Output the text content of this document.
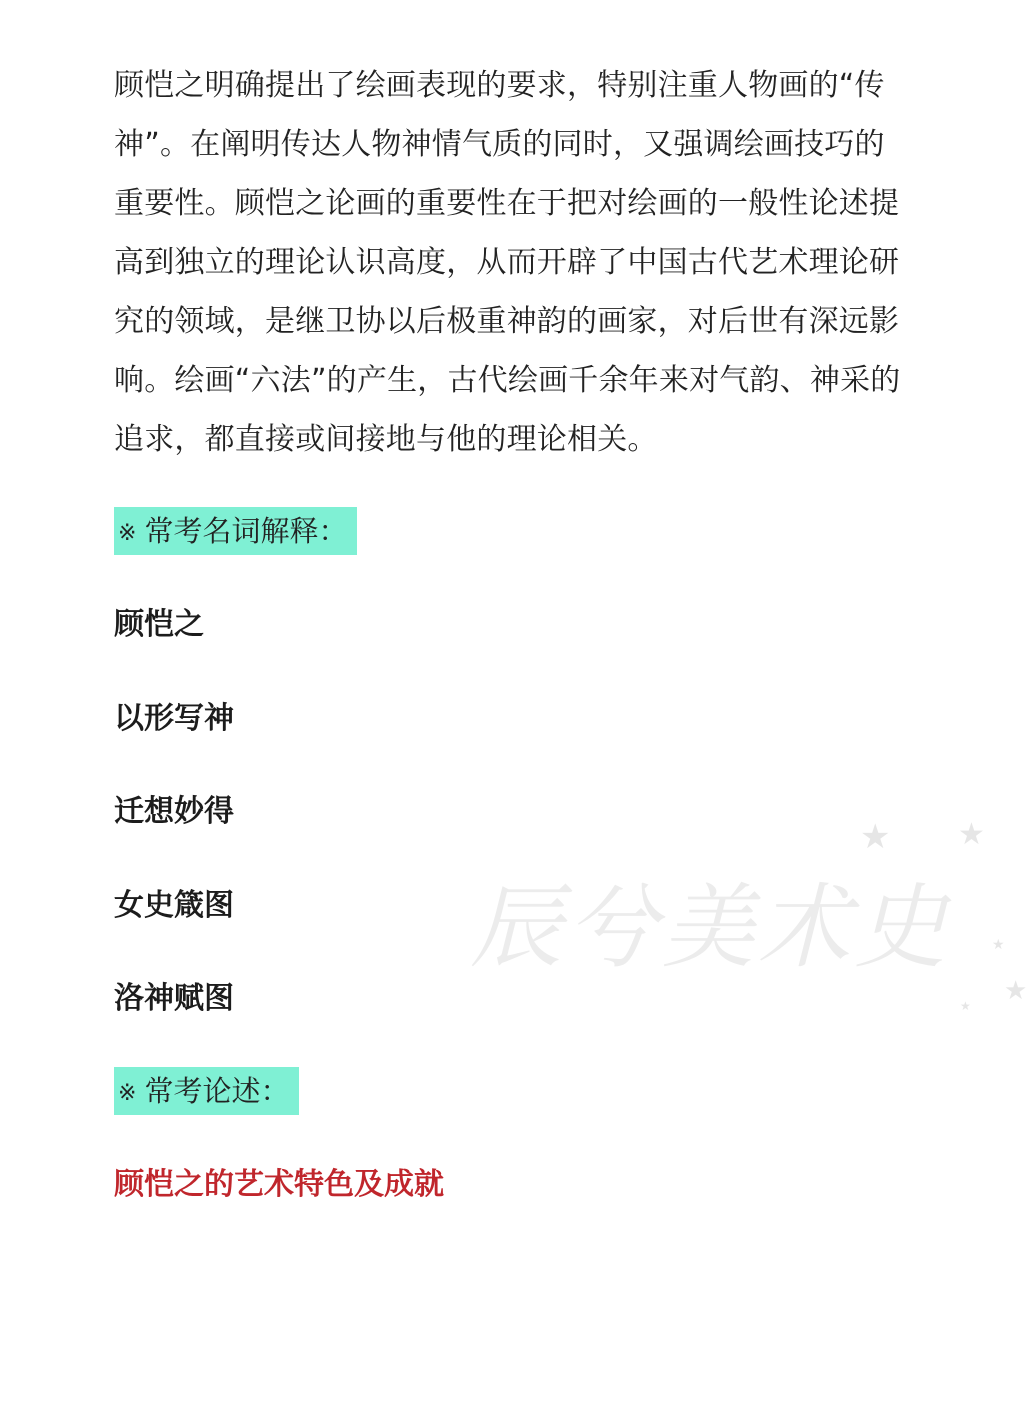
顾恺之明确提出了绘画表现的要求，特别注重人物画的“传神”。在阐明传达人物神情气质的同时，又强调绘画技巧的重要性。顾恺之论画的重要性在于把对绘画的一般性论述提高到独立的理论认识高度，从而开辟了中国古代艺术理论研究的领域，是继卫协以后极重神韵的画家，对后世有深远影响。绘画“六法”的产生，古代绘画千余年来对气韵、神采的追求，都直接或间接地与他的理论相关。

※ 常考名词解释：
顾恺之
以形写神
迁想妙得
女史箴图
洛神赋图
※ 常考论述：
顾恺之的艺术特色及成就
辰兮美术史
★ ★
★
★
★
